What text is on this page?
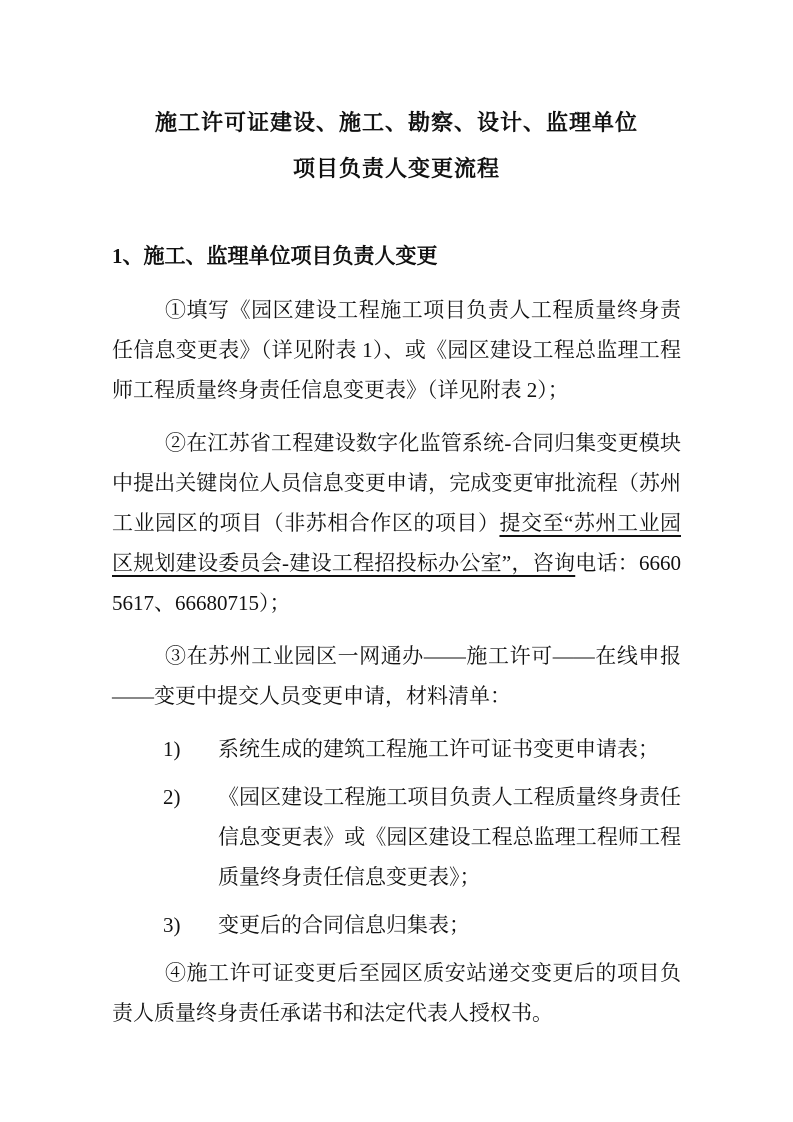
施工许可证建设、施工、勘察、设计、监理单位
项目负责人变更流程
1、施工、监理单位项目负责人变更

①填写《园区建设工程施工项目负责人工程质量终身责任信息变更表》（详见附表 1）、或《园区建设工程总监理工程师工程质量终身责任信息变更表》（详见附表 2）；

②在江苏省工程建设数字化监管系统-合同归集变更模块中提出关键岗位人员信息变更申请，完成变更审批流程（苏州工业园区的项目（非苏相合作区的项目）提交至“苏州工业园区规划建设委员会-建设工程招投标办公室”，咨询电话：66605617、66680715）；

③在苏州工业园区一网通办——施工许可——在线申报——变更中提交人员变更申请，材料清单：

1)	系统生成的建筑工程施工许可证书变更申请表；
2)	《园区建设工程施工项目负责人工程质量终身责任信息变更表》或《园区建设工程总监理工程师工程质量终身责任信息变更表》；
3)	变更后的合同信息归集表；

④施工许可证变更后至园区质安站递交变更后的项目负责人质量终身责任承诺书和法定代表人授权书。
